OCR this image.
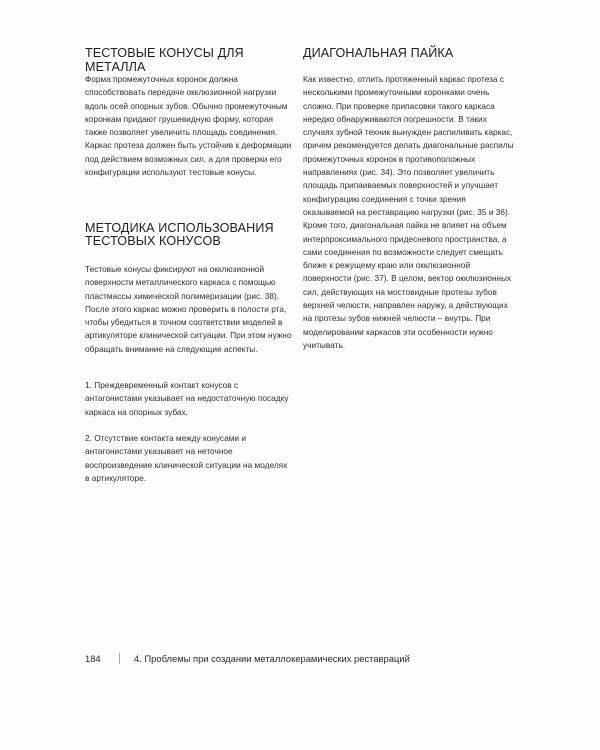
ТЕСТОВЫЕ КОНУСЫ ДЛЯ МЕТАЛЛА

Форма промежуточных коронок должна способствовать передаче окклюзионной нагрузки вдоль осей опорных зубов. Обычно промежуточным коронкам придают грушевидную форму, которая также позволяет увеличить площадь соединения. Каркас протеза должен быть устойчив к деформации под действием возможных сил, а для проверки его конфигурации используют тестовые конусы.

МЕТОДИКА ИСПОЛЬЗОВАНИЯ
ТЕСТОВЫХ КОНУСОВ

Тестовые конусы фиксируют на окклюзионной поверхности металлического каркаса с помощью пластмассы химической полимеризации (рис. 38). После этого каркас можно проверить в полости рта, чтобы убедиться в точном соответствии моделей в артикуляторе клинической ситуации. При этом нужно обращать внимание на следующие аспекты.

1. Преждевременный контакт конусов с антагонистами указывает на недостаточную посадку каркаса на опорных зубах.

2. Отсутствие контакта между конусами и антагонистами указывает на неточное воспроизведение клинической ситуации на моделях в артикуляторе.

ДИАГОНАЛЬНАЯ ПАЙКА

Как известно, отлить протяженный каркас протеза с несколькими промежуточными коронками очень сложно. При проверке припасовки такого каркаса нередко обнаруживаются погрешности. В таких случаях зубной техник вынужден распиливать каркас, причем рекомендуется делать диагональные распилы промежуточных коронок в противоположных направлениях (рис. 34). Это позволяет увеличить площадь припаиваемых поверхностей и улучшает конфигурацию соединения с точки зрения оказываемой на реставрацию нагрузки (рис. 35 и 36). Кроме того, диагональная пайка не влияет на объем интерпроксимального придесневого пространства, а сами соединения по возможности следует смещать ближе к режущему краю или окклюзионной поверхности (рис. 37). В целом, вектор окклюзионных сил, действующих на мостовидные протезы зубов верхней челюсти, направлен наружу, а действующих на протезы зубов нижней челюсти – внутрь. При моделировании каркасов эти особенности нужно учитывать.

184	4. Проблемы при создании металлокерамических реставраций
